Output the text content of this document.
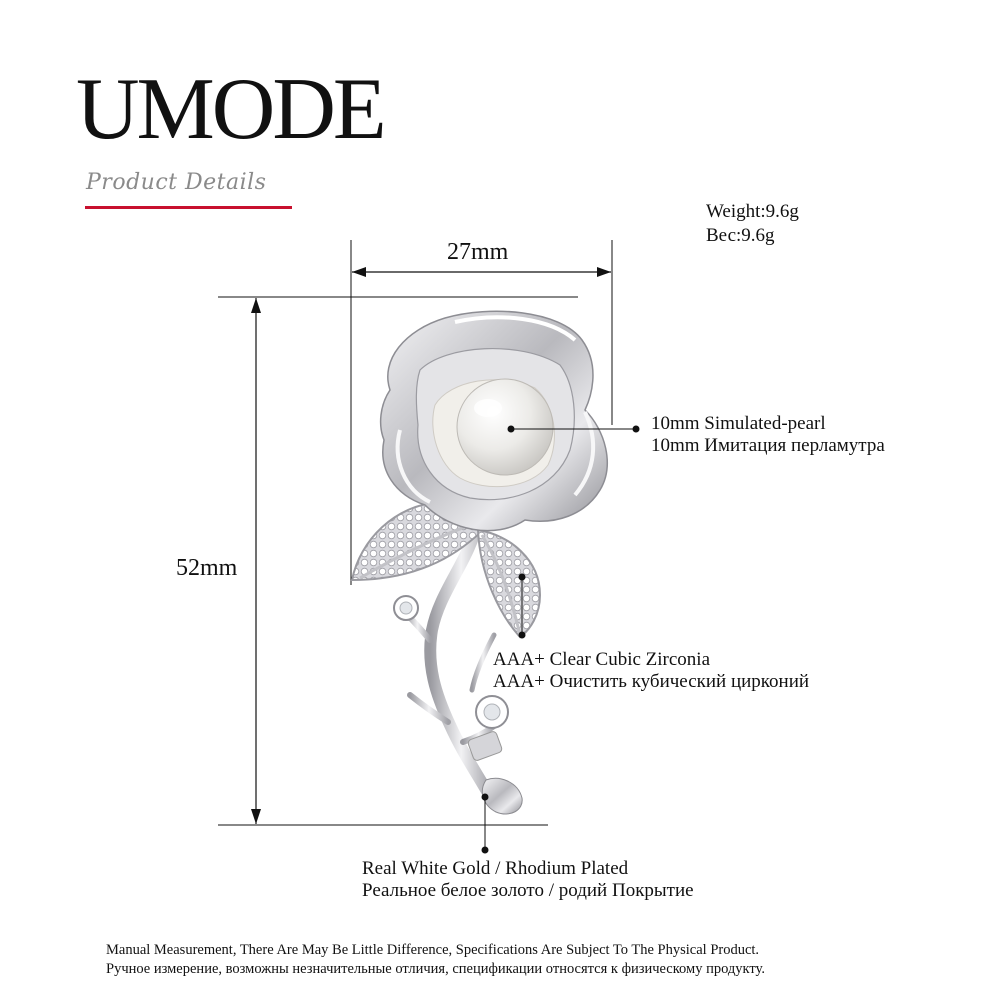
UMODE
Product Details
Weight:9.6g
Вес:9.6g
27mm
52mm
10mm Simulated-pearl
10mm Имитация перламутра
AAA+ Clear Cubic Zirconia
AAA+ Очистить кубический цирконий
Real White Gold / Rhodium Plated
Реальное белое золото / родий Покрытие
Manual Measurement, There Are May Be Little Difference, Specifications Are Subject To The Physical Product.
Ручное измерение, возможны незначительные отличия, спецификации относятся к физическому продукту.
